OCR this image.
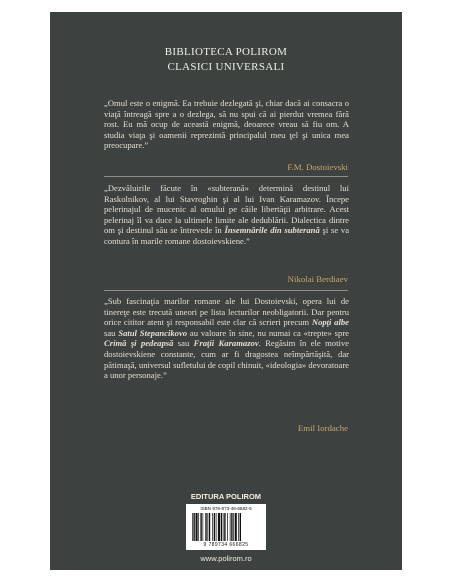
BIBLIOTECA POLIROM
CLASICI UNIVERSALI

„Omul este o enigmă. Ea trebuie dezlegată şi, chiar dacă ai consacra o viaţă întreagă spre a o dezlega, să nu spui că ai pierdut vremea fără rost. Eu mă ocup de această enigmă, deoarece vreau să fiu om. A studia viaţa şi oamenii reprezintă principalul meu ţel şi unica mea preocupare.”

F.M. Dostoievski

„Dezvăluirile făcute în «subterană» determină destinul lui Raskolnikov, al lui Stavroghin şi al lui Ivan Karamazov. Începe pelerinajul de mucenic al omului pe căile libertăţii arbitrare. Acest pelerinaj îl va duce la ultimele limite ale dedublării. Dialectica dintre om şi destinul său se întrevede în Însemnările din subterană şi se va contura în marile romane dostoievskiene.”

Nikolai Berdiaev

„Sub fascinaţia marilor romane ale lui Dostoievski, opera lui de tinereţe este trecută uneori pe lista lecturilor neobligatorii. Dar pentru orice cititor atent şi responsabil este clar că scrieri precum Nopţi albe sau Satul Stepancikovo au valoare în sine, nu numai ca «trepte» spre Crimă şi pedeapsă sau Fraţii Karamazov. Regăsim în ele motive dostoievskiene constante, cum ar fi dragostea neîmpărtăşită, dar pătimaşă, universul sufletului de copil chinuit, «ideologia» devoratoare a unor personaje.”

Emil Iordache
EDITURA POLIROM
ISBN 978-973-46-6682-5
9 789734 666825
www.polirom.ro
